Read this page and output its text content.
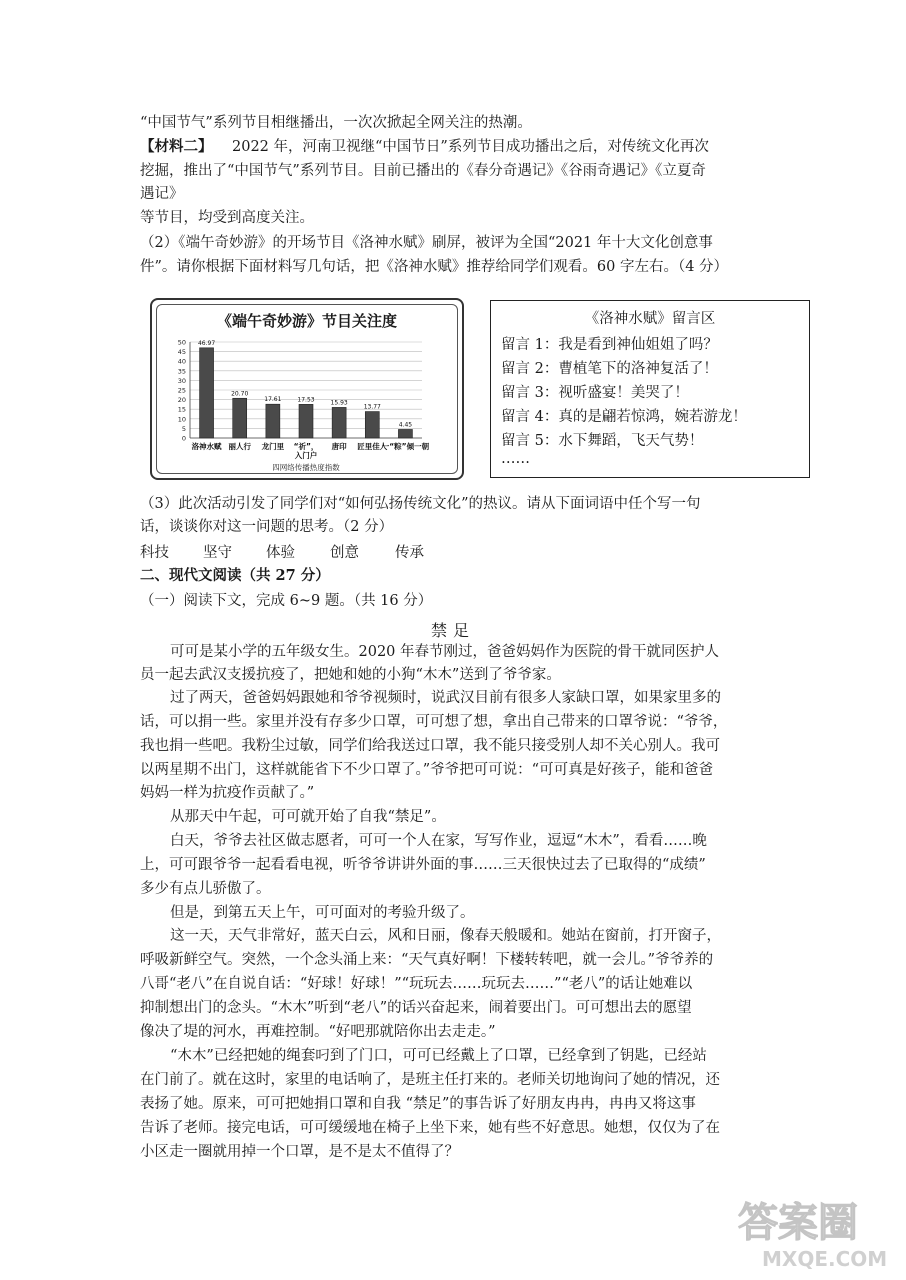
“中国节气”系列节目相继播出，一次次掀起全网关注的热潮。
【材料二】 2022 年，河南卫视继“中国节日”系列节目成功播出之后，对传统文化再次
挖掘，推出了“中国节气”系列节目。目前已播出的《春分奇遇记》《谷雨奇遇记》《立夏奇
遇记》
等节目，均受到高度关注。
（2）《端午奇妙游》的开场节目《洛神水赋》刷屏，被评为全国“2021 年十大文化创意事
件”。请你根据下面材料写几句话，把《洛神水赋》推荐给同学们观看。60 字左右。（4 分）
《端午奇妙游》节目关注度
50
45
40
35
30
25
20
15
10
5
0
46.97
洛神水赋
20.70
丽人行
17.61
龙门里
17.53
“祈”，
入门户
15.93
唐印
13.77
匠里佳人
4.45
一“粽”倾一朝
四网络传播热度指数
《洛神水赋》留言区
留言 1：我是看到神仙姐姐了吗？
留言 2：曹植笔下的洛神复活了！
留言 3：视听盛宴！美哭了！
留言 4：真的是翩若惊鸿，婉若游龙！
留言 5：水下舞蹈，飞天气势！
……
（3）此次活动引发了同学们对“如何弘扬传统文化”的热议。请从下面词语中任个写一句
话，谈谈你对这一问题的思考。（2 分）
科技 坚守 体验 创意 传承
二、现代文阅读（共 27 分）
（一）阅读下文，完成 6~9 题。（共 16 分）
禁足
可可是某小学的五年级女生。2020 年春节刚过，爸爸妈妈作为医院的骨干就同医护人
员一起去武汉支援抗疫了，把她和她的小狗“木木”送到了爷爷家。
过了两天，爸爸妈妈跟她和爷爷视频时，说武汉目前有很多人家缺口罩，如果家里多的
话，可以捐一些。家里并没有存多少口罩，可可想了想，拿出自己带来的口罩爷说：“爷爷，
我也捐一些吧。我粉尘过敏，同学们给我送过口罩，我不能只接受别人却不关心别人。我可
以两星期不出门，这样就能省下不少口罩了。”爷爷把可可说：“可可真是好孩子，能和爸爸
妈妈一样为抗疫作贡献了。”
从那天中午起，可可就开始了自我“禁足”。
白天，爷爷去社区做志愿者，可可一个人在家，写写作业，逗逗“木木”，看看……晚
上，可可跟爷爷一起看看电视，听爷爷讲讲外面的事……三天很快过去了已取得的“成绩”
多少有点儿骄傲了。
但是，到第五天上午，可可面对的考验升级了。
这一天，天气非常好，蓝天白云，风和日丽，像春天般暖和。她站在窗前，打开窗子，
呼吸新鲜空气。突然，一个念头涌上来：“天气真好啊！下楼转转吧，就一会儿。”爷爷养的
八哥“老八”在自说自话：“好球！好球！”“玩玩去……玩玩去……”“老八”的话让她难以
抑制想出门的念头。“木木”听到“老八”的话兴奋起来，闹着要出门。可可想出去的愿望
像决了堤的河水，再难控制。“好吧那就陪你出去走走。”
“木木”已经把她的绳套叼到了门口，可可已经戴上了口罩，已经拿到了钥匙，已经站
在门前了。就在这时，家里的电话响了，是班主任打来的。老师关切地询问了她的情况，还
表扬了她。原来，可可把她捐口罩和自我 “禁足”的事告诉了好朋友冉冉，冉冉又将这事
告诉了老师。接完电话，可可缓缓地在椅子上坐下来，她有些不好意思。她想，仅仅为了在
小区走一圈就用掉一个口罩，是不是太不值得了？
答案圈
MXQE.COM
